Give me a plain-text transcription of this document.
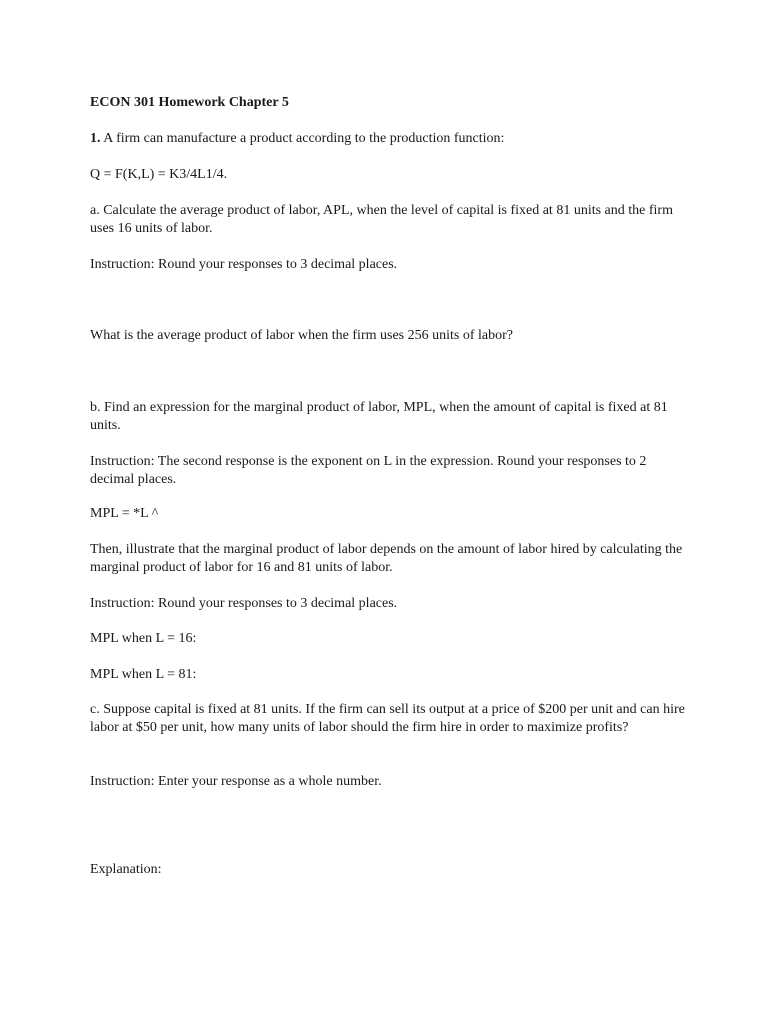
ECON 301 Homework Chapter 5

1. A firm can manufacture a product according to the production function:

Q = F(K,L) = K3/4L1/4.

a. Calculate the average product of labor, APL, when the level of capital is fixed at 81 units and the firm uses 16 units of labor.

Instruction: Round your responses to 3 decimal places.

What is the average product of labor when the firm uses 256 units of labor?

b. Find an expression for the marginal product of labor, MPL, when the amount of capital is fixed at 81 units.

Instruction: The second response is the exponent on L in the expression. Round your responses to 2 decimal places.

MPL = *L ^

Then, illustrate that the marginal product of labor depends on the amount of labor hired by calculating the marginal product of labor for 16 and 81 units of labor.

Instruction: Round your responses to 3 decimal places.

MPL when L = 16:

MPL when L = 81:

c. Suppose capital is fixed at 81 units. If the firm can sell its output at a price of $200 per unit and can hire labor at $50 per unit, how many units of labor should the firm hire in order to maximize profits?

Instruction: Enter your response as a whole number.

Explanation:
